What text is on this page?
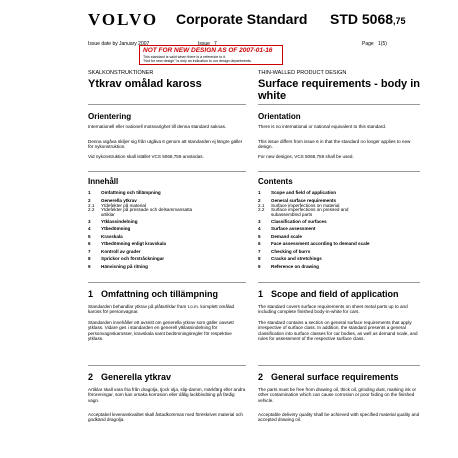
VOLVO Corporate Standard STD 5068,75
Issue date by January 2007	Issue 7	Page 1(5)
NOT FOR NEW DESIGN AS OF 2007-01-16
This standard is valid when there is a reference to it.
"Not for new design" is only an indication to our design departments.
SKALKONSTRUKTIONER
Ytkrav omålad kaross
Orientering
Internationell eller nationell motsvarighet till denna standard saknas.
Denna utgåva skiljer sig från utgåva 6 genom att standarden ej längre gäller för nykonstruktion.
Vid nykonstruktion skall istället VCS 5068,759 användas.
Innehåll
1 Omfattning och tillämpning
2 Generella ytkrav
2.1 Ytdefekter på material
2.2 Ytdefekter på pressade och delsammansatta
artiklar
3 Ytklassindelning
4 Ytbedömning
5 Kravskala
6 Ytbedömning enligt kravskala
7 Kontroll av grader
8 Sprickor och förstråckningar
9 Hänvisning på ritning
1 Omfattning och tillämpning
Standarden behandlar ytkrav på plåtartiklar fram t.o.m. komplett omålad kaross för personvagnar.
Standarden innehåller ett avsnitt om generella ytkrav som gäller oavsett ytklass. Vidare ges i standarden en generell ytklassindelning för personvagnskarosser, kravskala samt bedömningsregler för respektive ytklass.
2 Generella ytkrav
Artiklar skall vara fria från dragolja, tjock olja, slip-damm, märkfärg eller andra föroreningar, som kan orsaka korrosion eller dålig lackbindning på färdig vagn.
Acceptabel leveranskvalitet skall åstadkommas med föreskrivet material och godkänd dragolja.
THIN-WALLED PRODUCT DESIGN
Surface requirements - body in white
Orientation
There is no international or national equivalent to this standard.
This issue differs from issue 6 in that the standard no longer applies to new design.
For new designs, VCS 5068,759 shall be used.
Contents
1 Scope and field of application
2 General surface requirements
2.1 Surface imperfections on material
2.2 Surface imperfections on pressed and
subassembled parts
3 Classification of surfaces
4 Surface assessment
5 Demand scale
6 Face assessment according to demand scale
7 Checking of burrs
8 Cracks and stretchings
9 Reference on drawing
1 Scope and field of application
The standard covers surface requirements on sheet metal parts up to and including complete finished body-in-white for cars.
The standard contains a section on general surface requirements that apply irrespective of surface class. In addition, the standard presents a general classification into surface classes for car bodies, as well as demand scale, and rules for assessment of the respective surface class.
2 General surface requirements
The parts must be free from drawing oil, thick oil, grinding dust, marking ink or other contamination which can cause corrosion or poor hiding on the finished vehicle.
Acceptable delivery quality shall be achieved with specified material quality and accepted drawing oil.
